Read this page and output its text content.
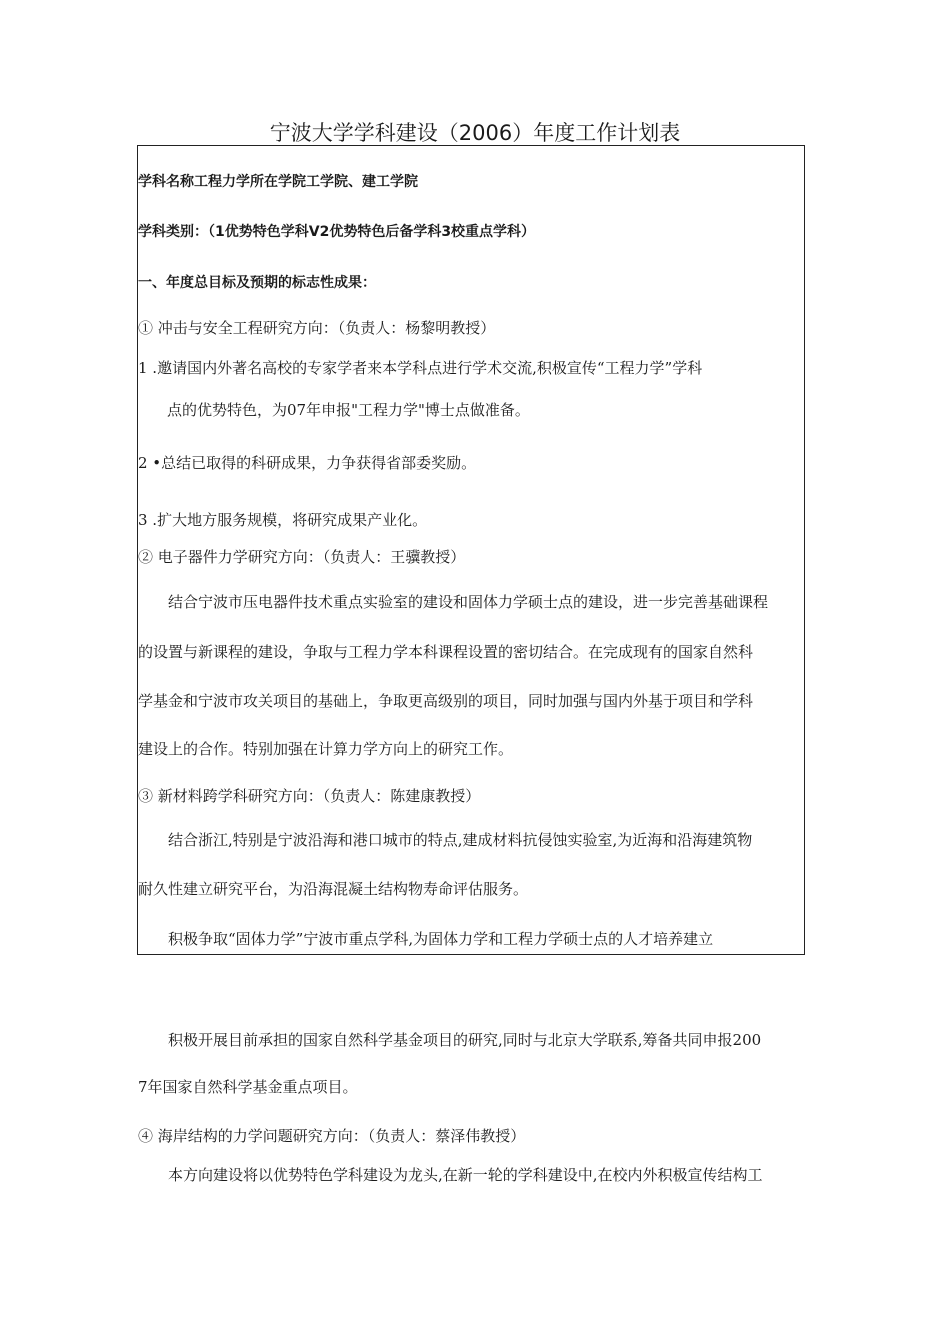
宁波大学学科建设（2006）年度工作计划表
学科名称工程力学所在学院工学院、建工学院
学科类别：（1优势特色学科V2优势特色后备学科3校重点学科）
一、年度总目标及预期的标志性成果：
① 冲击与安全工程研究方向：（负责人：杨黎明教授）
1 .邀请国内外著名高校的专家学者来本学科点进行学术交流,积极宣传“工程力学”学科
点的优势特色，为07年申报"工程力学"博士点做准备。
2 •总结已取得的科研成果，力争获得省部委奖励。
3 .扩大地方服务规模，将研究成果产业化。
② 电子器件力学研究方向：（负责人：王骥教授）
结合宁波市压电器件技术重点实验室的建设和固体力学硕士点的建设，进一步完善基础课程
的设置与新课程的建设，争取与工程力学本科课程设置的密切结合。在完成现有的国家自然科
学基金和宁波市攻关项目的基础上，争取更高级别的项目，同时加强与国内外基于项目和学科
建设上的合作。特别加强在计算力学方向上的研究工作。
③ 新材料跨学科研究方向：（负责人：陈建康教授）
结合浙江,特别是宁波沿海和港口城市的特点,建成材料抗侵蚀实验室,为近海和沿海建筑物
耐久性建立研究平台，为沿海混凝土结构物寿命评估服务。
积极争取“固体力学”宁波市重点学科,为固体力学和工程力学硕士点的人才培养建立
积极开展目前承担的国家自然科学基金项目的研究,同时与北京大学联系,筹备共同申报200
7年国家自然科学基金重点项目。
④ 海岸结构的力学问题研究方向：（负责人：蔡泽伟教授）
本方向建设将以优势特色学科建设为龙头,在新一轮的学科建设中,在校内外积极宣传结构工
